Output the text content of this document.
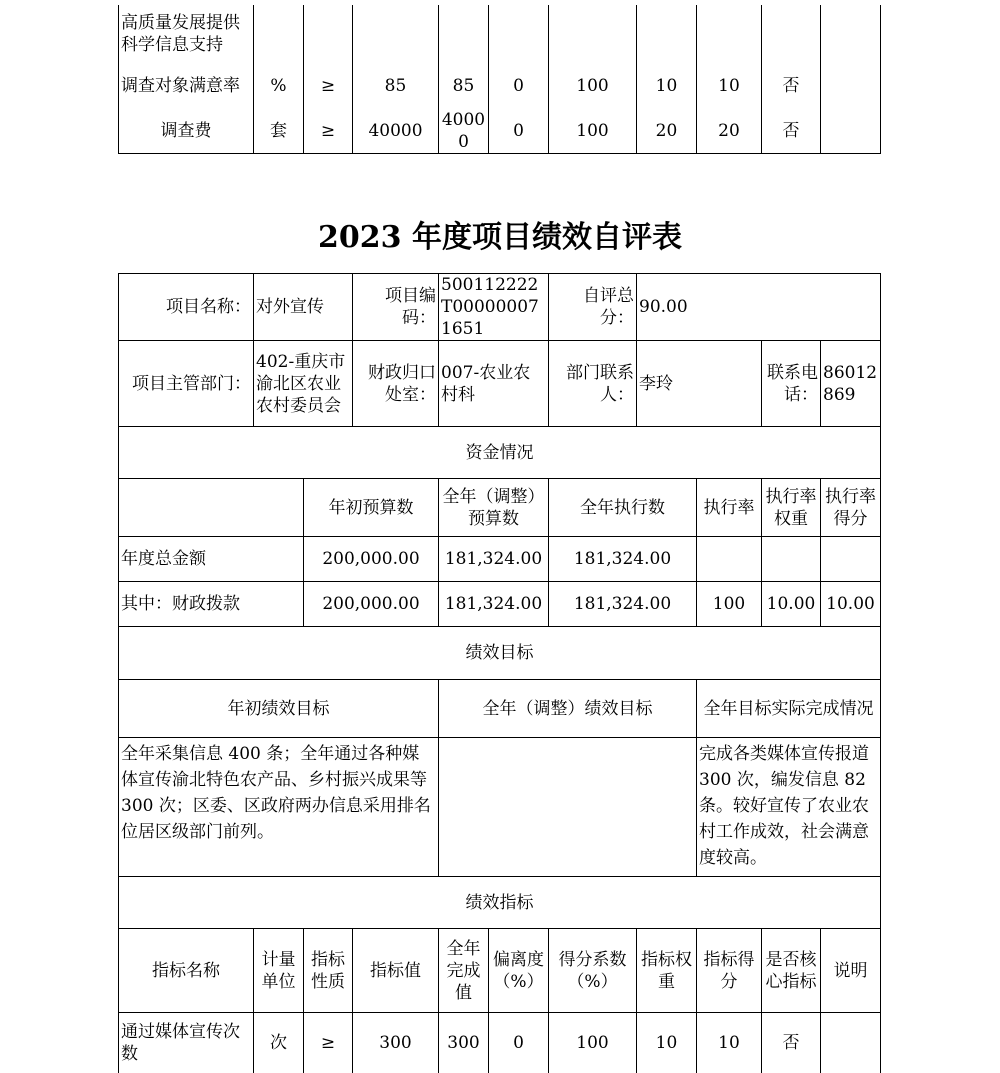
高质量发展提供科学信息支持										
调查对象满意率	%	≥	85	85	0	100	10	10	否	
调查费	套	≥	40000	40000	0	100	20	20	否	
2023 年度项目绩效自评表
项目名称：	对外宣传		项目编码：	500112222T000000071651		自评总分：	90.00			
项目主管部门：	402-重庆市渝北区农业农村委员会		财政归口处室：	007-农业农村科		部门联系人：	李玲		联系电话：	86012869
资金情况										
		年初预算数		全年（调整）预算数		全年执行数		执行率	执行率权重	执行率得分
年度总金额		200,000.00		181,324.00		181,324.00				
其中：财政拨款		200,000.00		181,324.00		181,324.00		100	10.00	10.00
绩效目标										
年初绩效目标				全年（调整）绩效目标				全年目标实际完成情况		
全年采集信息 400 条；全年通过各种媒体宣传渝北特色农产品、乡村振兴成果等 300 次；区委、区政府两办信息采用排名位居区级部门前列。								完成各类媒体宣传报道 300 次，编发信息 82 条。较好宣传了农业农村工作成效，社会满意度较高。		
绩效指标										
指标名称	计量单位	指标性质	指标值	全年完成值	偏离度（%）	得分系数（%）	指标权重	指标得分	是否核心指标	说明
通过媒体宣传次数	次	≥	300	300	0	100	10	10	否	
